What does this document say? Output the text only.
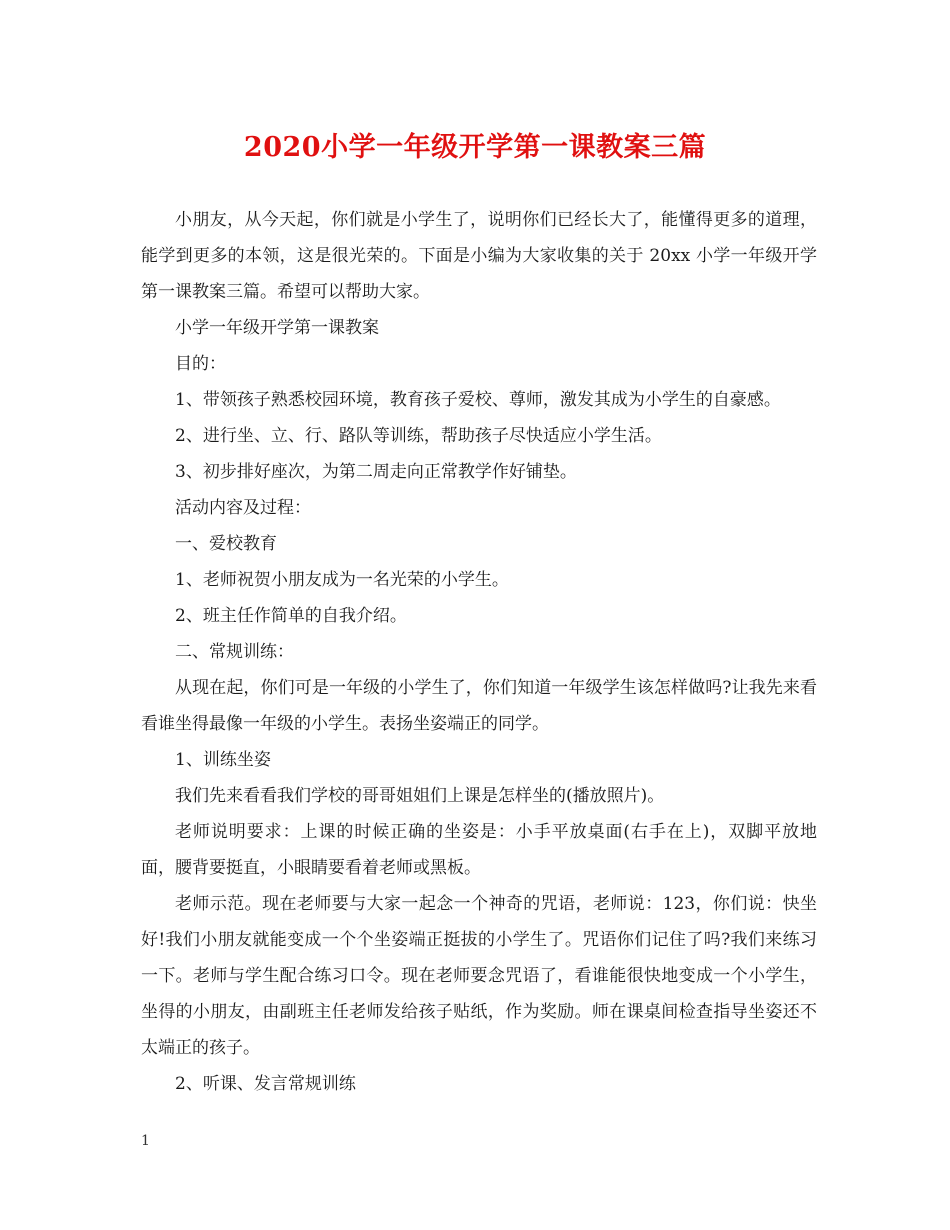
2020小学一年级开学第一课教案三篇

小朋友，从今天起，你们就是小学生了，说明你们已经长大了，能懂得更多的道理，能学到更多的本领，这是很光荣的。下面是小编为大家收集的关于 20xx 小学一年级开学第一课教案三篇。希望可以帮助大家。

小学一年级开学第一课教案

目的：

1、带领孩子熟悉校园环境，教育孩子爱校、尊师，激发其成为小学生的自豪感。

2、进行坐、立、行、路队等训练，帮助孩子尽快适应小学生活。

3、初步排好座次，为第二周走向正常教学作好铺垫。

活动内容及过程：

一、爱校教育

1、老师祝贺小朋友成为一名光荣的小学生。

2、班主任作简单的自我介绍。

二、常规训练：

从现在起，你们可是一年级的小学生了，你们知道一年级学生该怎样做吗?让我先来看看谁坐得最像一年级的小学生。表扬坐姿端正的同学。

1、训练坐姿

我们先来看看我们学校的哥哥姐姐们上课是怎样坐的(播放照片)。

老师说明要求：上课的时候正确的坐姿是：小手平放桌面(右手在上)，双脚平放地面，腰背要挺直，小眼睛要看着老师或黑板。

老师示范。现在老师要与大家一起念一个神奇的咒语，老师说：123，你们说：快坐好!我们小朋友就能变成一个个坐姿端正挺拔的小学生了。咒语你们记住了吗?我们来练习一下。老师与学生配合练习口令。现在老师要念咒语了，看谁能很快地变成一个小学生，坐得的小朋友，由副班主任老师发给孩子贴纸，作为奖励。师在课桌间检查指导坐姿还不太端正的孩子。

2、听课、发言常规训练

1
